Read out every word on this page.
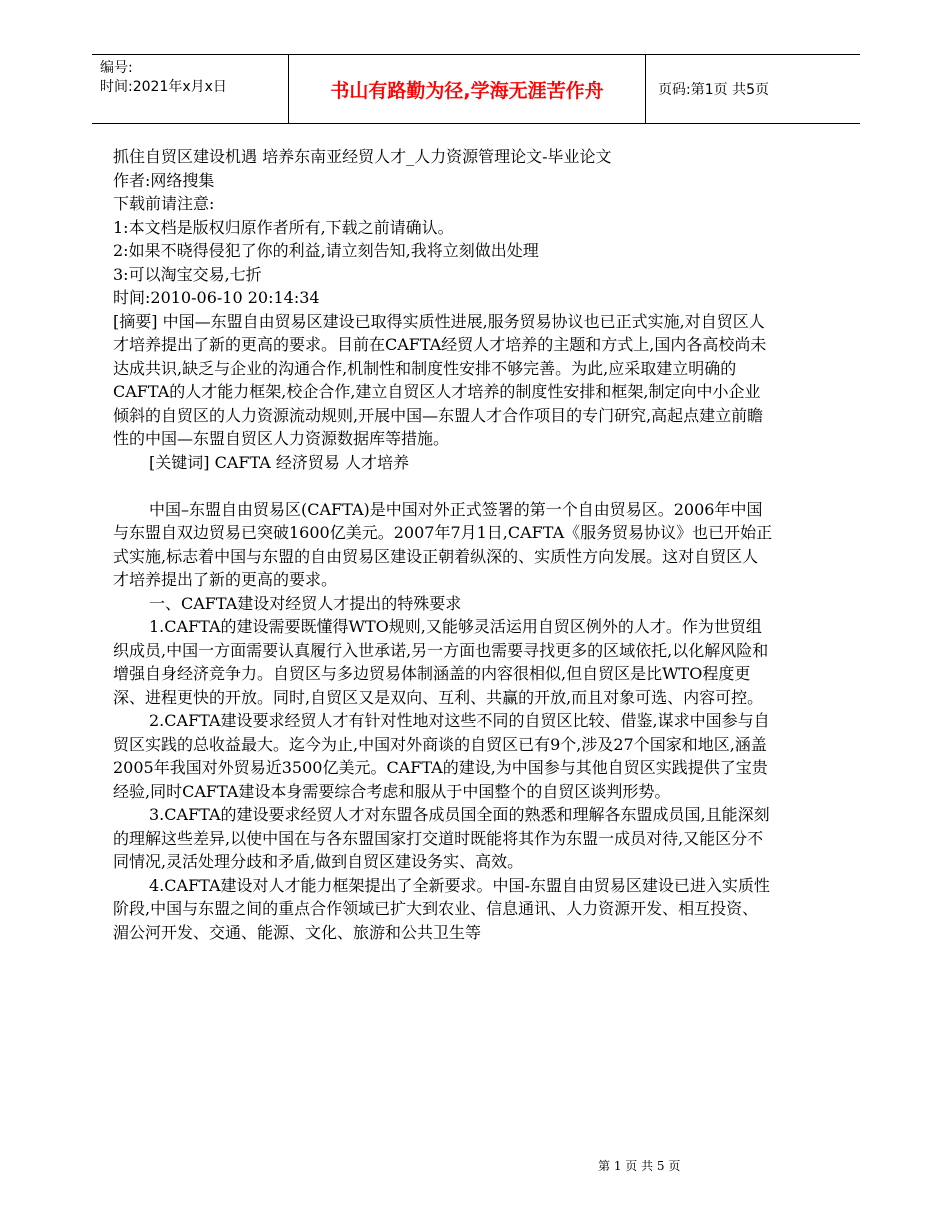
编号:
时间:2021年x月x日	书山有路勤为径,学海无涯苦作舟	页码:第1页 共5页

抓住自贸区建设机遇 培养东南亚经贸人才_人力资源管理论文-毕业论文

作者:网络搜集

下载前请注意:

1:本文档是版权归原作者所有,下载之前请确认。

2:如果不晓得侵犯了你的利益,请立刻告知,我将立刻做出处理

3:可以淘宝交易,七折

时间:2010-06-10 20:14:34

[摘要] 中国—东盟自由贸易区建设已取得实质性进展,服务贸易协议也已正式实施,对自贸区人才培养提出了新的更高的要求。目前在CAFTA经贸人才培养的主题和方式上,国内各高校尚未达成共识,缺乏与企业的沟通合作,机制性和制度性安排不够完善。为此,应采取建立明确的CAFTA的人才能力框架,校企合作,建立自贸区人才培养的制度性安排和框架,制定向中小企业倾斜的自贸区的人力资源流动规则,开展中国—东盟人才合作项目的专门研究,高起点建立前瞻性的中国—东盟自贸区人力资源数据库等措施。

[关键词] CAFTA 经济贸易 人才培养

中国–东盟自由贸易区(CAFTA)是中国对外正式签署的第一个自由贸易区。2006年中国与东盟自双边贸易已突破1600亿美元。2007年7月1日,CAFTA《服务贸易协议》也已开始正式实施,标志着中国与东盟的自由贸易区建设正朝着纵深的、实质性方向发展。这对自贸区人才培养提出了新的更高的要求。

一、CAFTA建设对经贸人才提出的特殊要求

1.CAFTA的建设需要既懂得WTO规则,又能够灵活运用自贸区例外的人才。作为世贸组织成员,中国一方面需要认真履行入世承诺,另一方面也需要寻找更多的区域依托,以化解风险和增强自身经济竞争力。自贸区与多边贸易体制涵盖的内容很相似,但自贸区是比WTO程度更深、进程更快的开放。同时,自贸区又是双向、互利、共赢的开放,而且对象可选、内容可控。

2.CAFTA建设要求经贸人才有针对性地对这些不同的自贸区比较、借鉴,谋求中国参与自贸区实践的总收益最大。迄今为止,中国对外商谈的自贸区已有9个,涉及27个国家和地区,涵盖2005年我国对外贸易近3500亿美元。CAFTA的建设,为中国参与其他自贸区实践提供了宝贵经验,同时CAFTA建设本身需要综合考虑和服从于中国整个的自贸区谈判形势。

3.CAFTA的建设要求经贸人才对东盟各成员国全面的熟悉和理解各东盟成员国,且能深刻的理解这些差异,以使中国在与各东盟国家打交道时既能将其作为东盟一成员对待,又能区分不同情况,灵活处理分歧和矛盾,做到自贸区建设务实、高效。

4.CAFTA建设对人才能力框架提出了全新要求。中国-东盟自由贸易区建设已进入实质性阶段,中国与东盟之间的重点合作领域已扩大到农业、信息通讯、人力资源开发、相互投资、湄公河开发、交通、能源、文化、旅游和公共卫生等

第 1 页 共 5 页
